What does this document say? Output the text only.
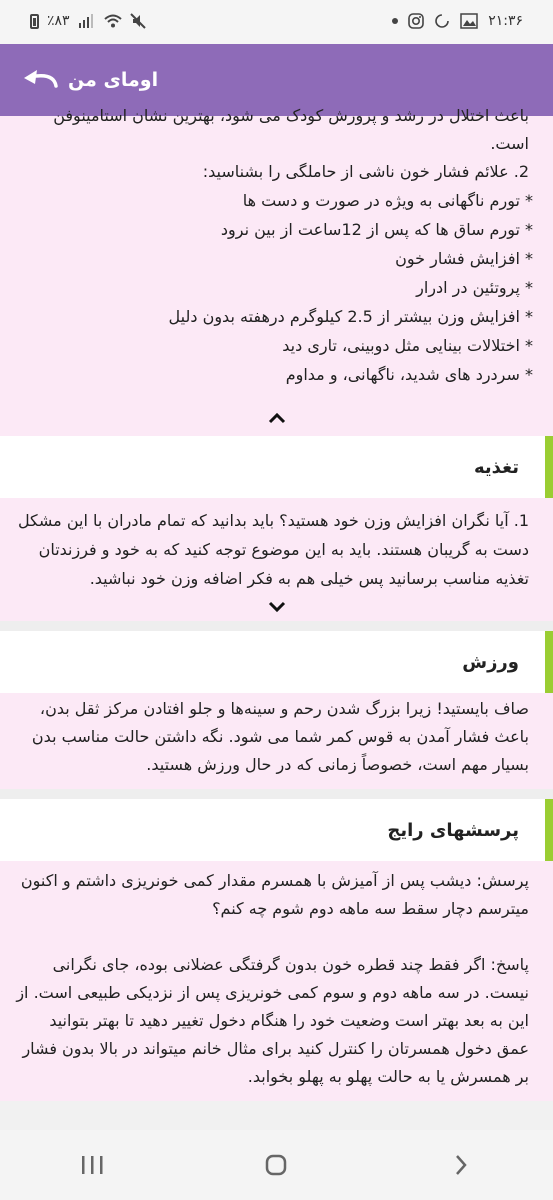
٪۸۳	۲۱:۳۶
اومای من
باعث اختلال در رشد و پرورش کودک می شود، بهترین نشان استامینوفن
است.
2. علائم فشار خون ناشی از حاملگی را بشناسید:
* تورم ناگهانی به ویژه در صورت و دست ها
* تورم ساق ها که پس از 12ساعت از بین نرود
* افزایش فشار خون
* پروتئین در ادرار
* افزایش وزن بیشتر از 2.5 کیلوگرم درهفته بدون دلیل
* اختلالات بینایی مثل دوبینی، تاری دید
* سردرد های شدید، ناگهانی، و مداوم
تغذیه
1. آیا نگران افزایش وزن خود هستید؟ باید بدانید که تمام مادران با این مشکل دست به گریبان هستند. باید به این موضوع توجه کنید که به خود و فرزندتان تغذیه مناسب برسانید پس خیلی هم به فکر اضافه وزن خود نباشید.
ورزش
صاف بایستید! زیرا بزرگ شدن رحم و سینه‌ها و جلو افتادن مرکز ثقل بدن، باعث فشار آمدن به قوس کمر شما می شود. نگه داشتن حالت مناسب بدن بسیار مهم است، خصوصاً زمانی که در حال ورزش هستید.
پرسشهای رایج
پرسش: دیشب پس از آمیزش با همسرم مقدار کمی خونریزی داشتم و اکنون میترسم دچار سقط سه ماهه دوم شوم چه کنم؟
پاسخ: اگر فقط چند قطره خون بدون گرفتگی عضلانی بوده، جای نگرانی نیست. در سه ماهه دوم و سوم کمی خونریزی پس از نزدیکی طبیعی است. از این به بعد بهتر است وضعیت خود را هنگام دخول تغییر دهید تا بهتر بتوانید عمق دخول همسرتان را کنترل کنید برای مثال خانم میتواند در بالا بدون فشار بر همسرش یا به حالت پهلو به پهلو بخوابد.
